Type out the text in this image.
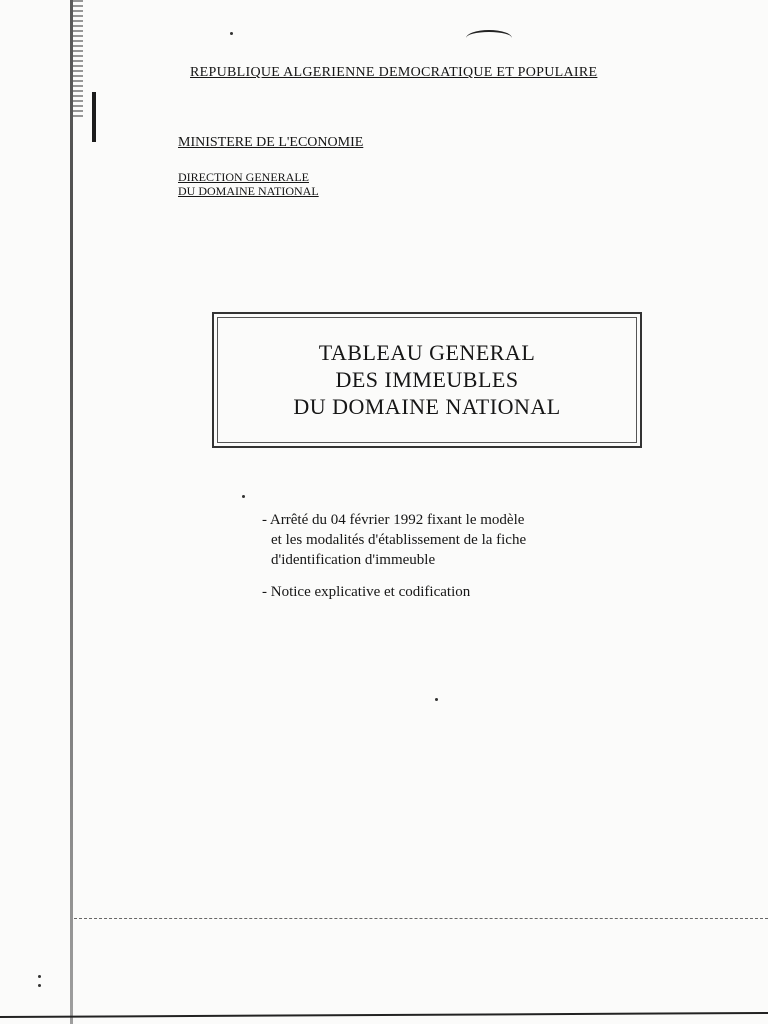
REPUBLIQUE ALGERIENNE DEMOCRATIQUE ET POPULAIRE
MINISTERE DE L'ECONOMIE
DIRECTION GENERALE
DU DOMAINE NATIONAL
TABLEAU GENERAL
DES IMMEUBLES
DU DOMAINE NATIONAL
- Arrêté du 04 février 1992 fixant le modèle
et les modalités d'établissement de la fiche
d'identification d'immeuble
- Notice explicative et codification
